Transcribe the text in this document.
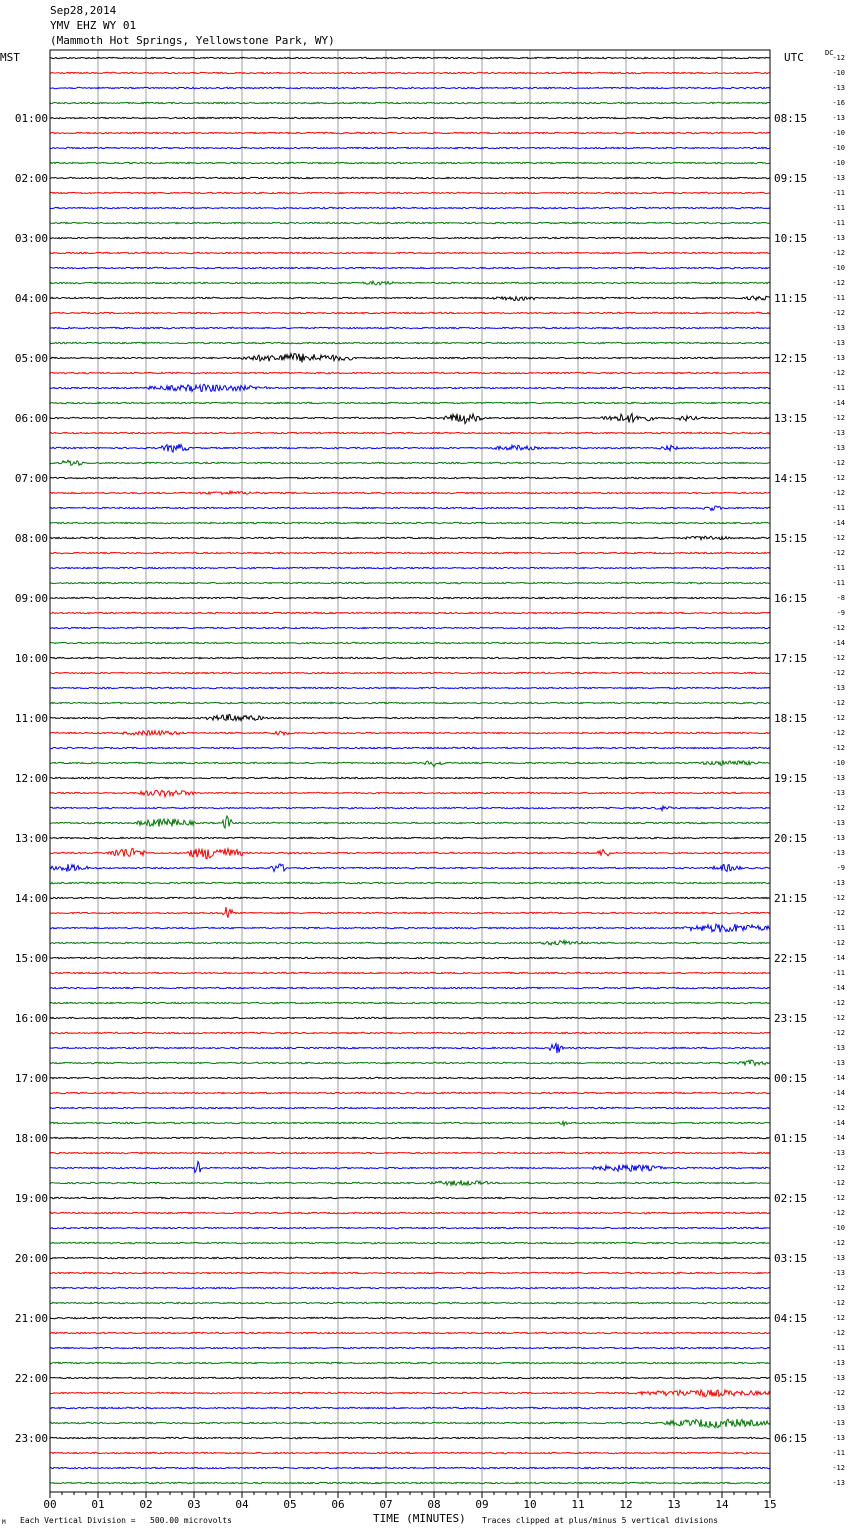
00	01	02	03	04	05	06	07	08	09	10	11	12	13	14	15
01:00
02:00
03:00
04:00
05:00
06:00
07:00
08:00
09:00
10:00
11:00
12:00
13:00
14:00
15:00
16:00
17:00
18:00
19:00
20:00
21:00
22:00
23:00
08:15
09:15
10:15
11:15
12:15
13:15
14:15
15:15
16:15
17:15
18:15
19:15
20:15
21:15
22:15
23:15
00:15
01:15
02:15
03:15
04:15
05:15
06:15
-12
-10
-13
-16
-13
-10
-10
-10
-13
-11
-11
-11
-13
-12
-10
-12
-11
-12
-13
-13
-13
-12
-11
-14
-12
-13
-13
-12
-12
-12
-11
-14
-12
-12
-11
-11
-8
-9
-12
-14
-12
-12
-13
-12
-12
-12
-12
-10
-13
-13
-12
-13
-13
-13
-9
-13
-12
-12
-11
-12
-14
-11
-14
-12
-12
-12
-13
-13
-14
-14
-12
-14
-14
-13
-12
-12
-12
-12
-10
-12
-13
-13
-12
-12
-12
-12
-11
-13
-13
-12
-13
-13
-13
-11
-12
-13
Sep28,2014
YMV EHZ WY 01
(Mammoth Hot Springs, Yellowstone Park, WY)
MST	UTC	DC
M Each Vertical Division =   500.00 microvolts	TIME (MINUTES) Traces clipped at plus/minus 5 vertical divisions
